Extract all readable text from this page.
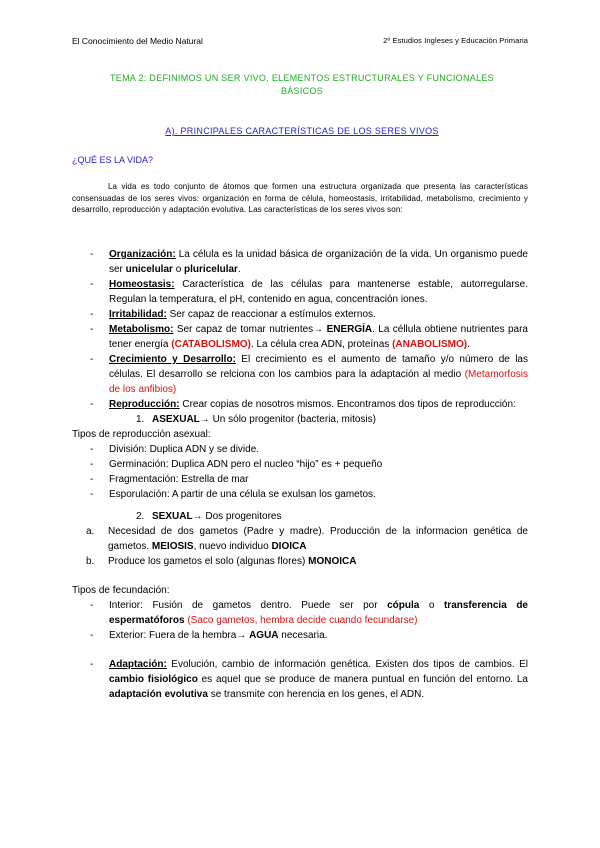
El Conocimiento del Medio Natural	2º Estudios Ingleses y Educación Primaria
TEMA 2: DEFINIMOS UN SER VIVO. ELEMENTOS ESTRUCTURALES Y FUNCIONALES
BÁSICOS
A). PRINCIPALES CARACTERÍSTICAS DE LOS SERES VIVOS
¿QUÉ ES LA VIDA?
La vida es todo conjunto de átomos que formen una estructura organizada que presenta las características consensuadas de los seres vivos: organización en forma de célula, homeostasis, irritabilidad, metabolismo, crecimiento y desarrollo, reproducción y adaptación evolutiva. Las características de los seres vivos son:
-	Organización: La célula es la unidad básica de organización de la vida. Un organismo puede ser unicelular o pluricelular.
-	Homeostasis: Característica de las células para mantenerse estable, autorregularse. Regulan la temperatura, el pH, contenido en agua, concentración iones.
-	Irritabilidad: Ser capaz de reaccionar a estímulos externos.
-	Metabolismo: Ser capaz de tomar nutrientes→ ENERGÍA. La céllula obtiene nutrientes para tener energía (CATABOLISMO). La célula crea ADN, proteínas (ANABOLISMO).
-	Crecimiento y Desarrollo: El crecimiento es el aumento de tamaño y/o número de las células. El desarrollo se relciona con los cambios para la adaptación al medio (Metamorfosis de los anfibios)
-	Reproducción: Crear copias de nosotros mismos. Encontramos dos tipos de reproducción:
1. ASEXUAL→ Un sólo progenitor (bacteria, mitosis)
Tipos de reproducción asexual:
-	División: Duplica ADN y se divide.
-	Germinación: Duplica ADN pero el nucleo “hijo” es + pequeño
-	Fragmentación: Estrella de mar
-	Esporulación: A partir de una célula se exulsan los gametos.
2. SEXUAL→ Dos progenitores
a.	Necesidad de dos gametos (Padre y madre). Producción de la informacion genética de gametos. MEIOSIS, nuevo individuo DIOICA
b.	Produce los gametos el solo (algunas flores) MONOICA
Tipos de fecundación:
-	Interior: Fusión de gametos dentro. Puede ser por cópula o transferencia de espermatóforos (Saco gametos, hembra decide cuando fecundarse)
-	Exterior: Fuera de la hembra→ AGUA necesaria.
-	Adaptación: Evolución, cambio de información genética. Existen dos tipos de cambios. El cambio fisiológico es aquel que se produce de manera puntual en función del entorno. La adaptación evolutiva se transmite con herencia en los genes, el ADN.
